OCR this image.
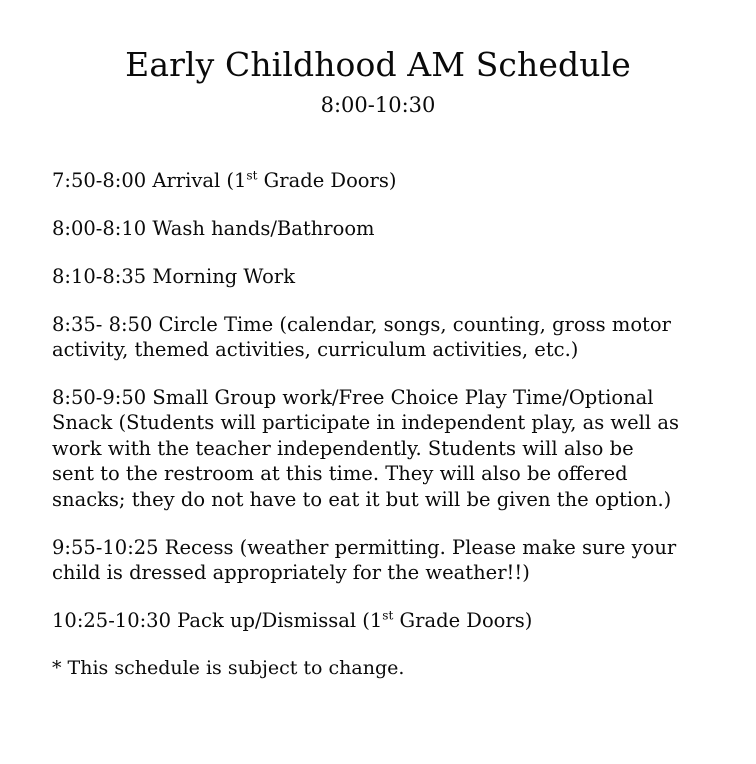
Early Childhood AM Schedule

8:00-10:30

7:50-8:00 Arrival (1st Grade Doors)

8:00-8:10 Wash hands/Bathroom

8:10-8:35 Morning Work

8:35- 8:50 Circle Time (calendar, songs, counting, gross motor activity, themed activities, curriculum activities, etc.)

8:50-9:50 Small Group work/Free Choice Play Time/Optional Snack (Students will participate in independent play, as well as work with the teacher independently. Students will also be sent to the restroom at this time. They will also be offered snacks; they do not have to eat it but will be given the option.)

9:55-10:25 Recess (weather permitting. Please make sure your child is dressed appropriately for the weather!!)

10:25-10:30 Pack up/Dismissal (1st Grade Doors)

* This schedule is subject to change.
